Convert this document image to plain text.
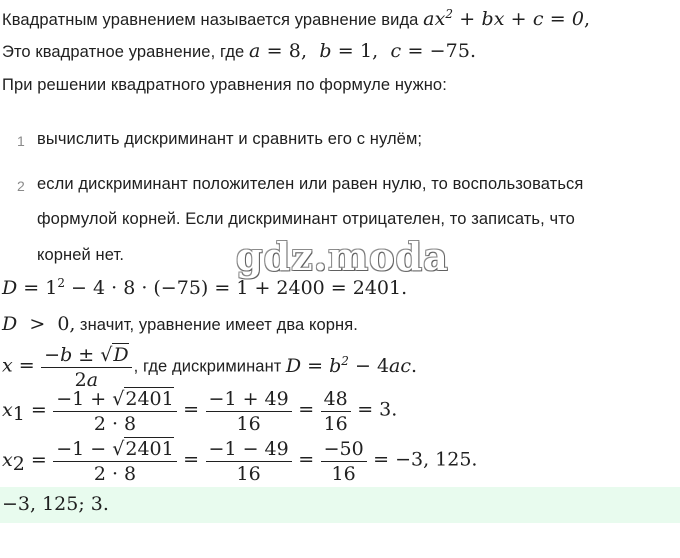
Квадратным уравнением называется уравнение вида $ax^2$ + bx + c = 0,
Это квадратное уравнение, где a = 8,  b = 1,  c = −75.
При решении квадратного уравнения по формуле нужно:
1 вычислить дискриминант и сравнить его с нулём;
2 если дискриминант положителен или равен нулю, то воспользоваться
формулой корней. Если дискриминант отрицателен, то записать, что
корней нет.	gdz.moda
$D = 1^2 - 4 \cdot 8 \cdot (-75) = 1 + 2400 = 2401$.
D  > 0, значит, уравнение имеет два корня.
$x = \frac{-b \pm √D}{2a}$ , где дискриминант $D = b^2 - 4ac$.
$x_1 = \frac{-1 + √2401}{2 \cdot 8} = \frac{-1 + 49}{16} = \frac{48}{16} = 3$.
$x_2 = \frac{-1 - √2401}{2 \cdot 8} = \frac{-1 - 49}{16} = \frac{-50}{16} = -3$, 125.
−3, 125; 3.
